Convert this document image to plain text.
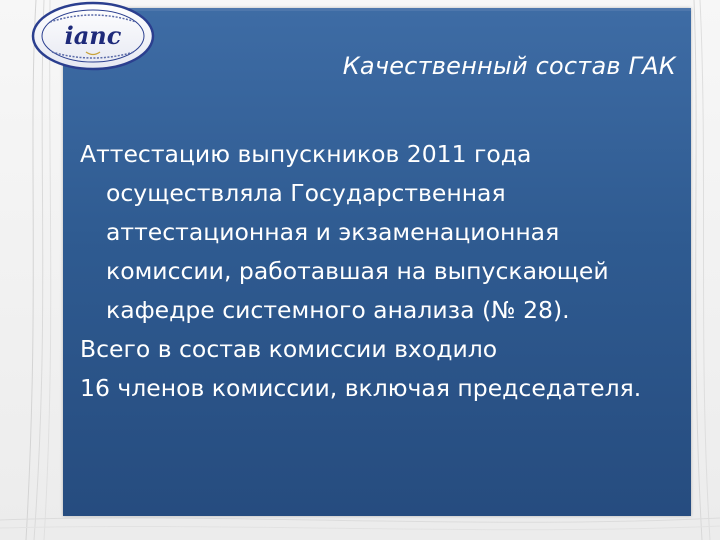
ianc
Качественный состав ГАК

Аттестацию выпускников 2011 года осуществляла Государственная аттестационная и экзаменационная комиссии, работавшая на выпускающей кафедре системного анализа (№ 28).

Всего в состав комиссии входило

16 членов комиссии, включая председателя.
